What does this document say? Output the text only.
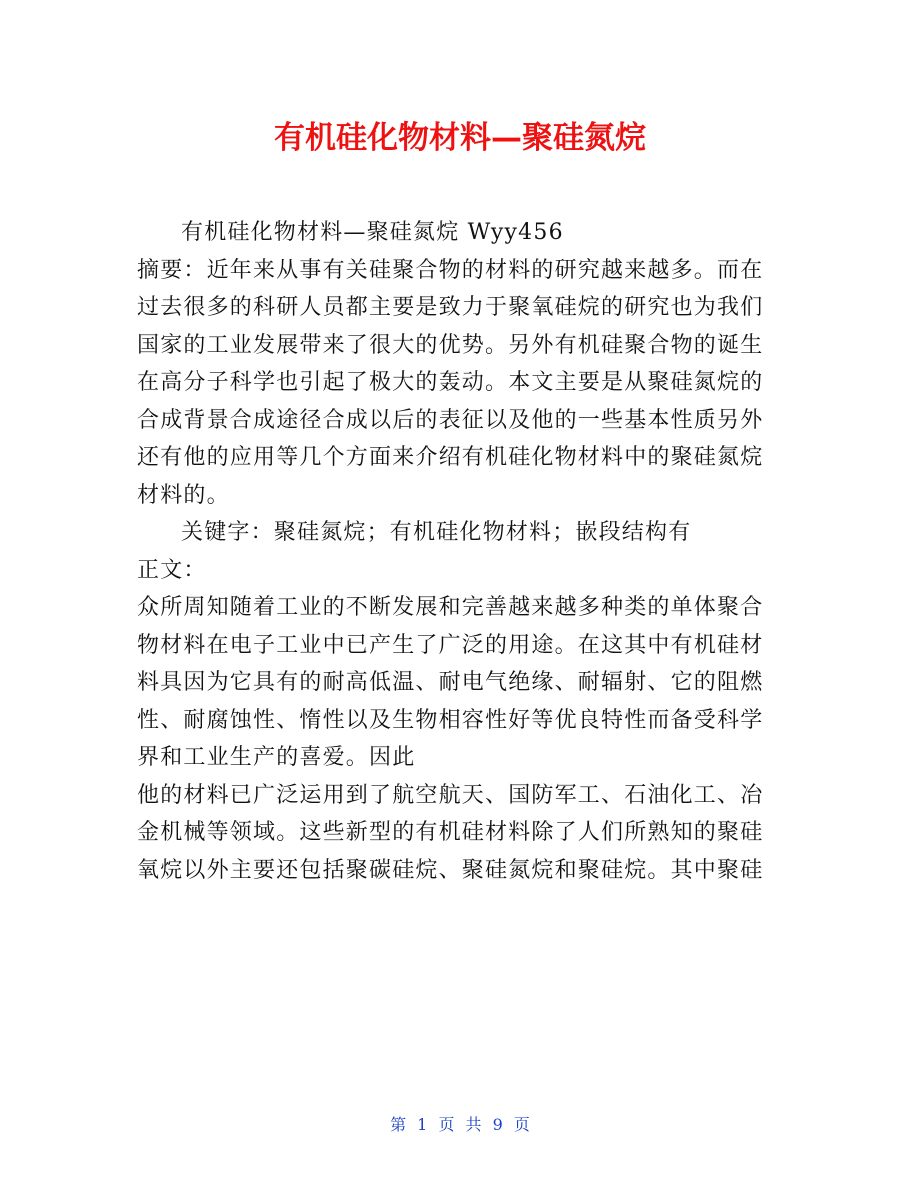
有机硅化物材料—聚硅氮烷
有机硅化物材料—聚硅氮烷 Wyy456
摘要：近年来从事有关硅聚合物的材料的研究越来越多。而在
过去很多的科研人员都主要是致力于聚氧硅烷的研究也为我们
国家的工业发展带来了很大的优势。另外有机硅聚合物的诞生
在高分子科学也引起了极大的轰动。本文主要是从聚硅氮烷的
合成背景合成途径合成以后的表征以及他的一些基本性质另外
还有他的应用等几个方面来介绍有机硅化物材料中的聚硅氮烷
材料的。
关键字：聚硅氮烷；有机硅化物材料；嵌段结构有
正文：
众所周知随着工业的不断发展和完善越来越多种类的单体聚合
物材料在电子工业中已产生了广泛的用途。在这其中有机硅材
料具因为它具有的耐高低温、耐电气绝缘、耐辐射、它的阻燃
性、耐腐蚀性、惰性以及生物相容性好等优良特性而备受科学
界和工业生产的喜爱。因此
他的材料已广泛运用到了航空航天、国防军工、石油化工、冶
金机械等领域。这些新型的有机硅材料除了人们所熟知的聚硅
氧烷以外主要还包括聚碳硅烷、聚硅氮烷和聚硅烷。其中聚硅
第 1 页 共 9 页
